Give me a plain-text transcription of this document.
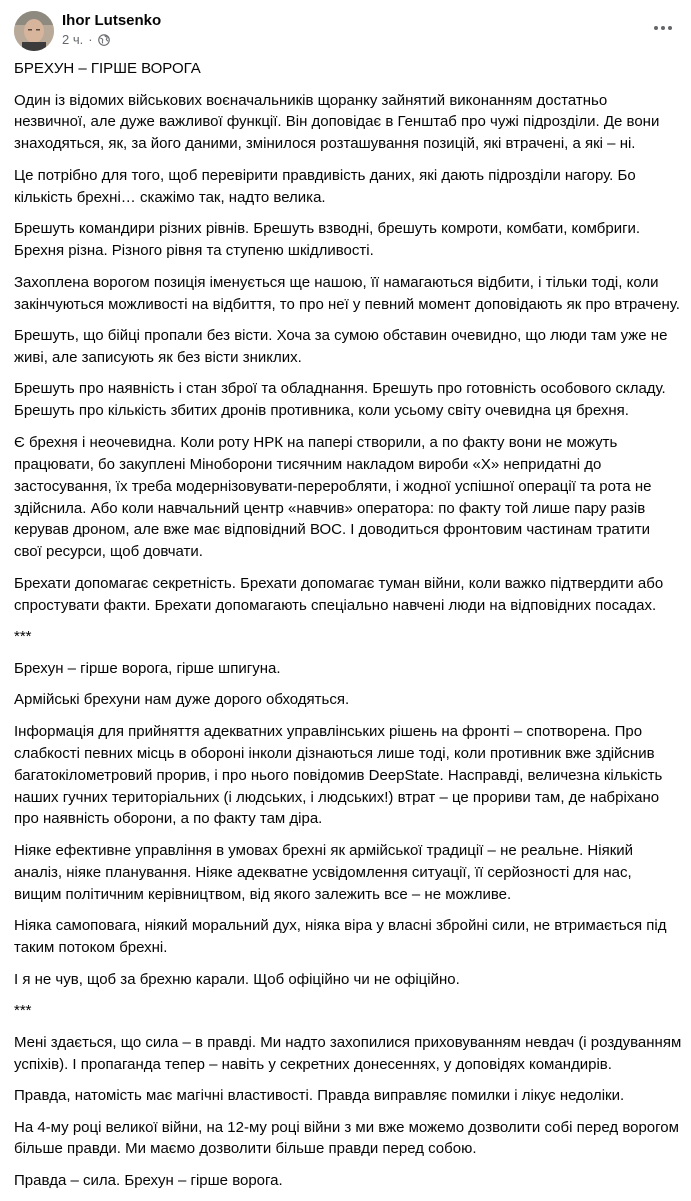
Ihor Lutsenko
2 ч. ·

БРЕХУН – ГІРШЕ ВОРОГА

Один із відомих військових воєначальників щоранку зайнятий виконанням достатньо незвичної, але дуже важливої функції. Він доповідає в Генштаб про чужі підрозділи. Де вони знаходяться, як, за його даними, змінилося розташування позицій, які втрачені, а які – ні.

Це потрібно для того, щоб перевірити правдивість даних, які дають підрозділи нагору. Бо кількість брехні… скажімо так, надто велика.

Брешуть командири різних рівнів. Брешуть взводні, брешуть комроти, комбати, комбриги. Брехня різна. Різного рівня та ступеню шкідливості.

Захоплена ворогом позиція іменується ще нашою, її намагаються відбити, і тільки тоді, коли закінчуються можливості на відбиття, то про неї у певний момент доповідають як про втрачену.

Брешуть, що бійці пропали без вісти. Хоча за сумою обставин очевидно, що люди там уже не живі, але записують як без вісти зниклих.

Брешуть про наявність і стан зброї та обладнання. Брешуть про готовність особового складу. Брешуть про кількість збитих дронів противника, коли усьому світу очевидна ця брехня.

Є брехня і неочевидна. Коли роту НРК на папері створили, а по факту вони не можуть працювати, бо закуплені Міноборони тисячним накладом вироби «Х» непридатні до застосування, їх треба модернізовувати-переробляти, і жодної успішної операції та рота не здійснила. Або коли навчальний центр «навчив» оператора: по факту той лише пару разів керував дроном, але вже має відповідний ВОС. І доводиться фронтовим частинам тратити свої ресурси, щоб довчати.

Брехати допомагає секретність. Брехати допомагає туман війни, коли важко підтвердити або спростувати факти. Брехати допомагають спеціально навчені люди на відповідних посадах.

***

Брехун – гірше ворога, гірше шпигуна.

Армійські брехуни нам дуже дорого обходяться.

Інформація для прийняття адекватних управлінських рішень на фронті – спотворена. Про слабкості певних місць в обороні інколи дізнаються лише тоді, коли противник вже здійснив багатокілометровий прорив, і про нього повідомив DeepState. Насправді, величезна кількість наших гучних територіальних (і людських, і людських!) втрат – це прориви там, де набріхано про наявність оборони, а по факту там діра.

Ніяке ефективне управління в умовах брехні як армійської традиції – не реальне. Ніякий аналіз, ніяке планування. Ніяке адекватне усвідомлення ситуації, її серйозності для нас, вищим політичним керівництвом, від якого залежить все – не можливе.

Ніяка самоповага, ніякий моральний дух, ніяка віра у власні збройні сили, не втримається під таким потоком брехні.

І я не чув, щоб за брехню карали. Щоб офіційно чи не офіційно.

***

Мені здається, що сила – в правді. Ми надто захопилися приховуванням невдач (і роздуванням успіхів). І пропаганда тепер – навіть у секретних донесеннях, у доповідях командирів.

Правда, натомість має магічні властивості. Правда виправляє помилки і лікує недоліки.

На 4-му році великої війни, на 12-му році війни з ми вже можемо дозволити собі перед ворогом більше правди. Ми маємо дозволити більше правди перед собою.

Правда – сила. Брехун – гірше ворога.
